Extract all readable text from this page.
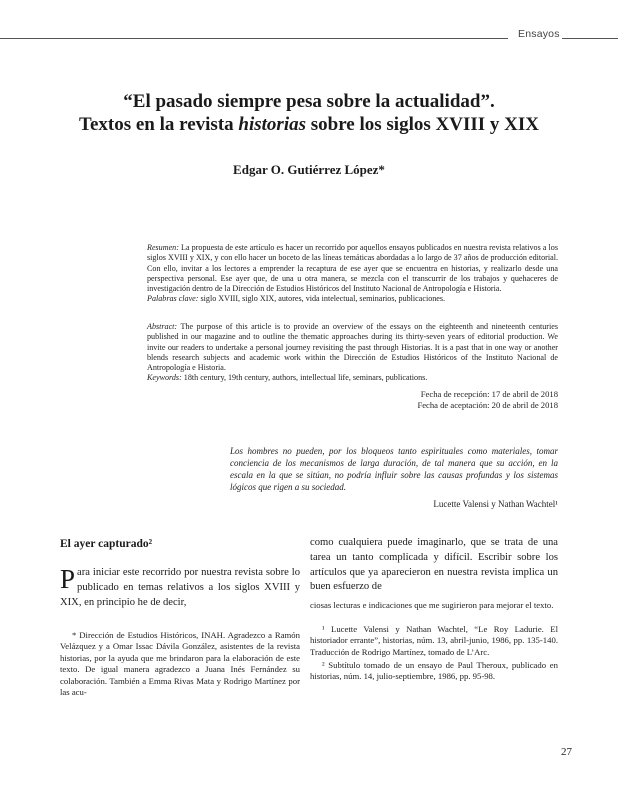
Ensayos
“El pasado siempre pesa sobre la actualidad”.
Textos en la revista historias sobre los siglos XVIII y XIX
Edgar O. Gutiérrez López*
Resumen: La propuesta de este artículo es hacer un recorrido por aquellos ensayos publicados en nuestra revista relativos a los siglos XVIII y XIX, y con ello hacer un boceto de las líneas temáticas abordadas a lo largo de 37 años de producción editorial. Con ello, invitar a los lectores a emprender la recaptura de ese ayer que se encuentra en historias, y realizarlo desde una perspectiva personal. Ese ayer que, de una u otra manera, se mezcla con el transcurrir de los trabajos y quehaceres de investigación dentro de la Dirección de Estudios Históricos del Instituto Nacional de Antropología e Historia.
Palabras clave: siglo XVIII, siglo XIX, autores, vida intelectual, seminarios, publicaciones.
Abstract: The purpose of this article is to provide an overview of the essays on the eighteenth and nineteenth centuries published in our magazine and to outline the thematic approaches during its thirty-seven years of editorial production. We invite our readers to undertake a personal journey revisiting the past through Historias. It is a past that in one way or another blends research subjects and academic work within the Dirección de Estudios Históricos of the Instituto Nacional de Antropología e Historia.
Keywords: 18th century, 19th century, authors, intellectual life, seminars, publications.
Fecha de recepción: 17 de abril de 2018
Fecha de aceptación: 20 de abril de 2018
Los hombres no pueden, por los bloqueos tanto espirituales como materiales, tomar conciencia de los mecanismos de larga duración, de tal manera que su acción, en la escala en la que se sitúan, no podría influir sobre las causas profundas y los sistemas lógicos que rigen a su sociedad.
Lucette Valensi y Nathan Wachtel¹
El ayer capturado²

Para iniciar este recorrido por nuestra revista sobre lo publicado en temas relativos a los siglos XVIII y XIX, en principio he de decir,

como cualquiera puede imaginarlo, que se trata de una tarea un tanto complicada y difícil. Escribir sobre los artículos que ya aparecieron en nuestra revista implica un buen esfuerzo de

* Dirección de Estudios Históricos, INAH. Agradezco a Ramón Velázquez y a Omar Issac Dávila González, asistentes de la revista historias, por la ayuda que me brindaron para la elaboración de este texto. De igual manera agradezco a Juana Inés Fernández su colaboración. También a Emma Rivas Mata y Rodrigo Martínez por las acu-

ciosas lecturas e indicaciones que me sugirieron para mejorar el texto.

¹ Lucette Valensi y Nathan Wachtel, “Le Roy Ladurie. El historiador errante”, historias, núm. 13, abril-junio, 1986, pp. 135-140. Traducción de Rodrigo Martínez, tomado de L’Arc.

² Subtítulo tomado de un ensayo de Paul Theroux, publicado en historias, núm. 14, julio-septiembre, 1986, pp. 95-98.

27
